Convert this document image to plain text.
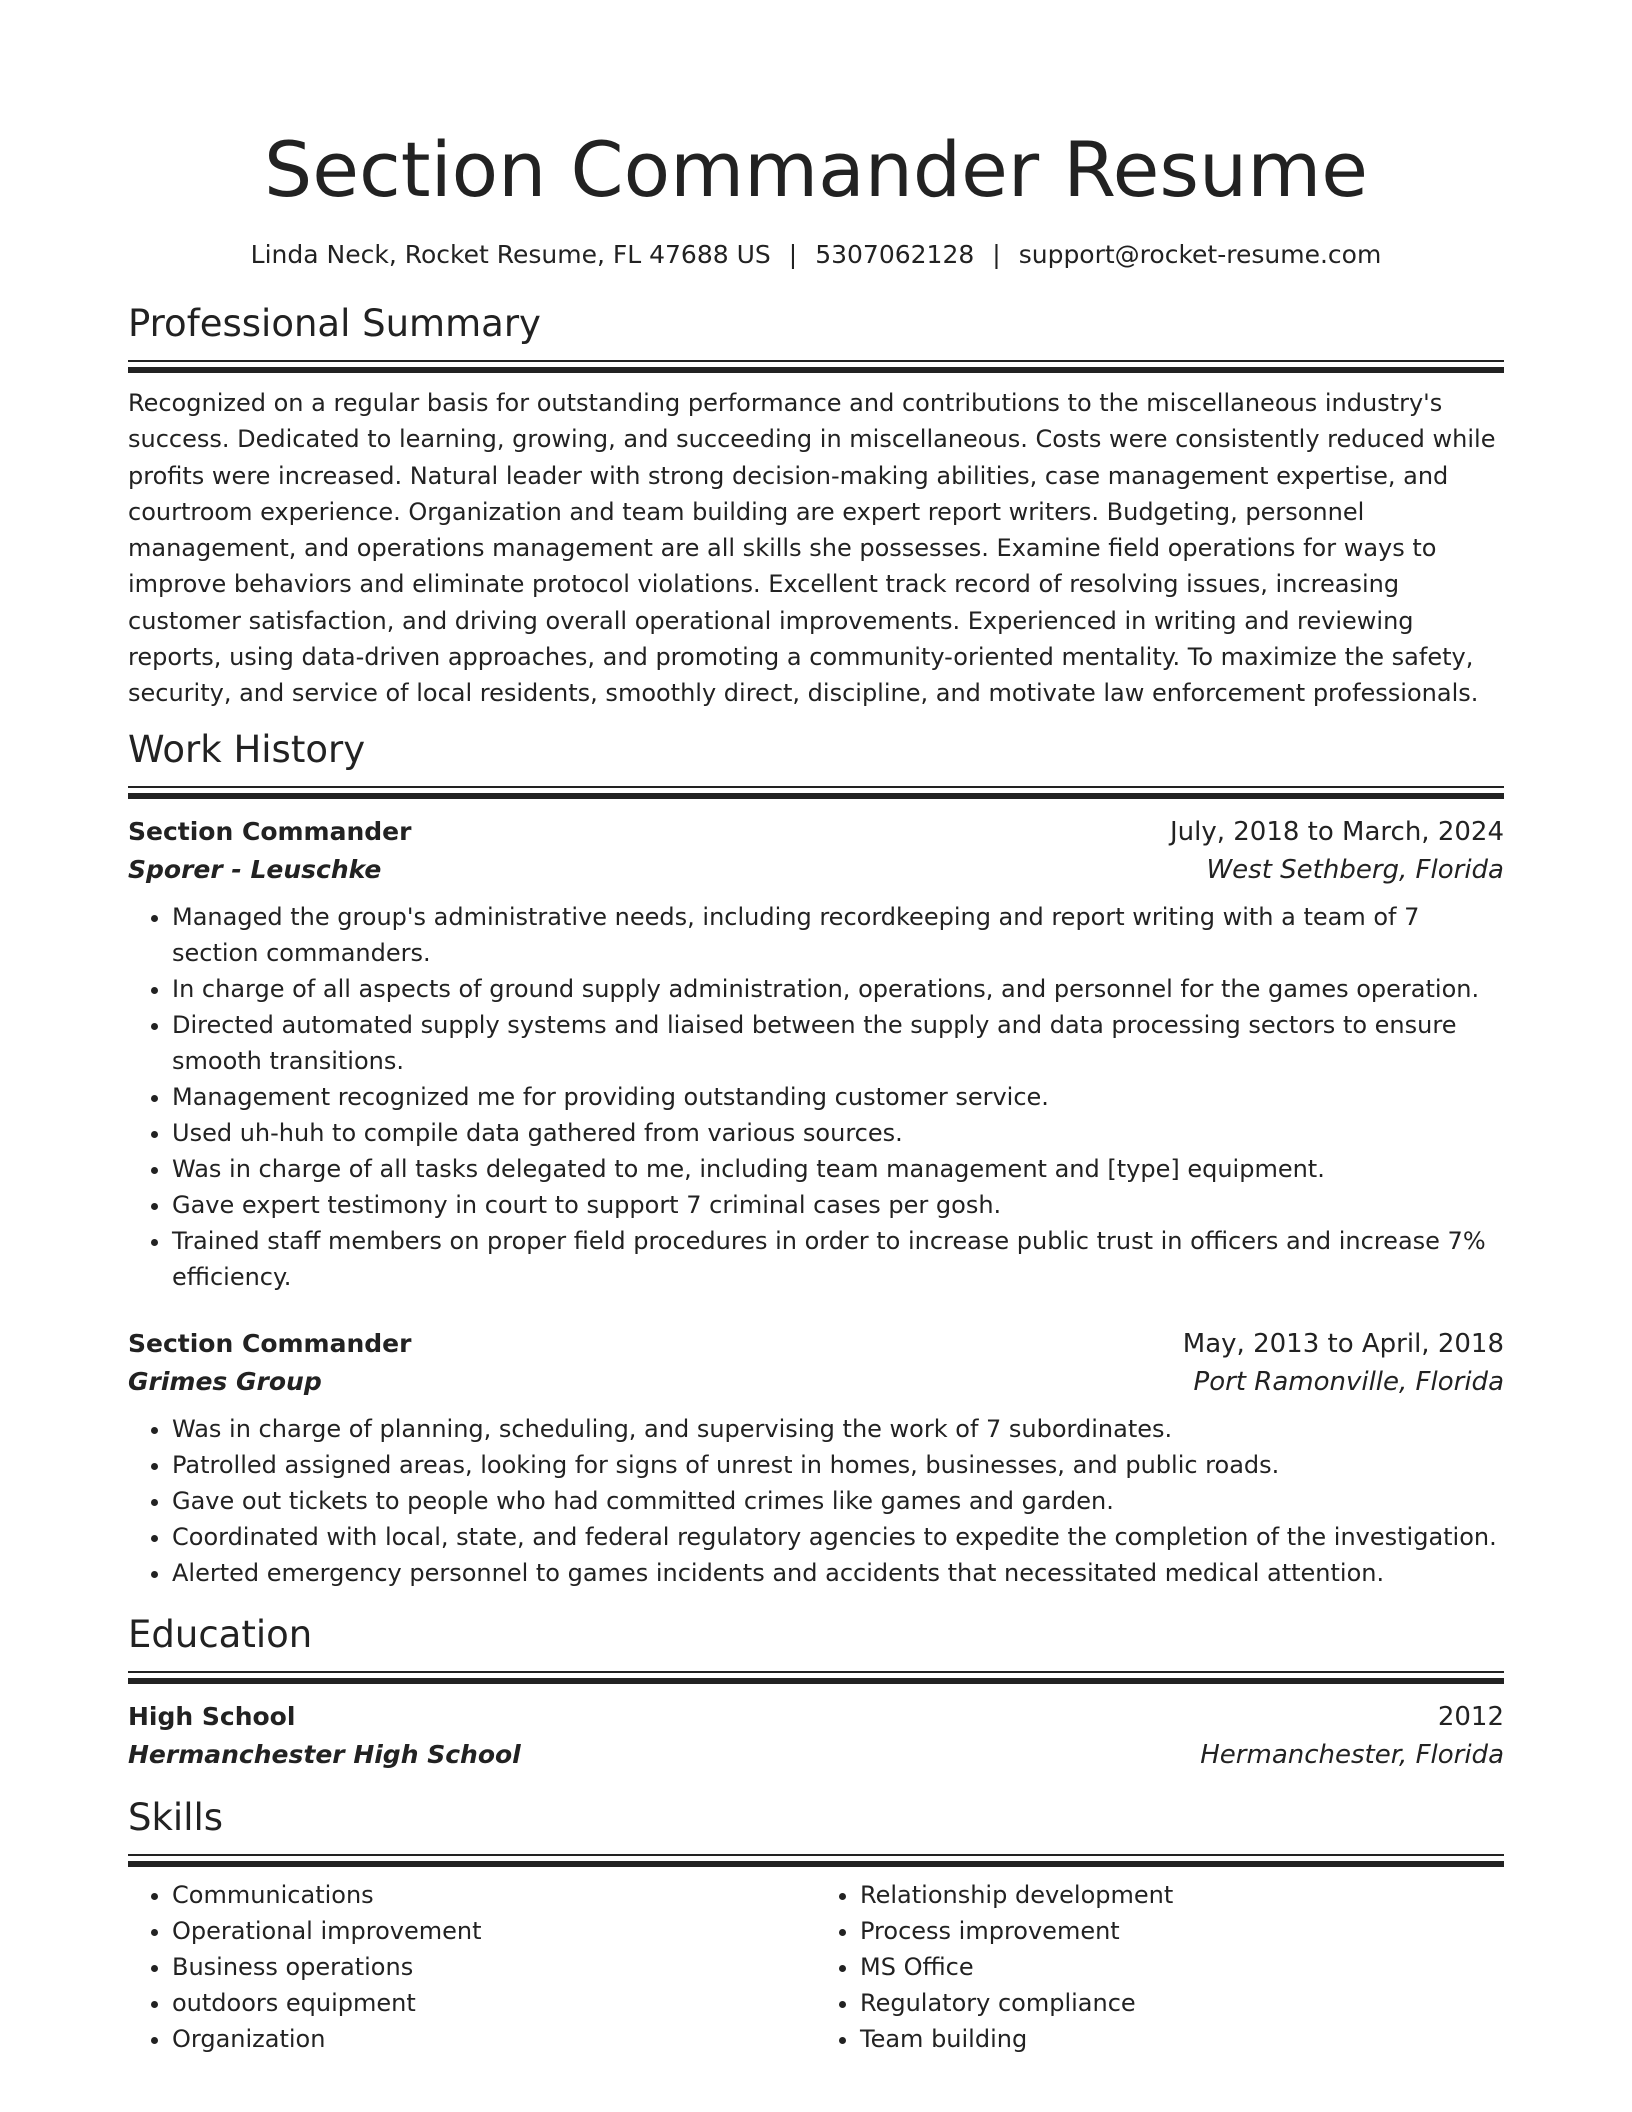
Section Commander Resume
Linda Neck, Rocket Resume, FL 47688 US | 5307062128 | support@rocket-resume.com
Professional Summary
Recognized on a regular basis for outstanding performance and contributions to the miscellaneous industry's success. Dedicated to learning, growing, and succeeding in miscellaneous. Costs were consistently reduced while profits were increased. Natural leader with strong decision-making abilities, case management expertise, and courtroom experience. Organization and team building are expert report writers. Budgeting, personnel management, and operations management are all skills she possesses. Examine field operations for ways to improve behaviors and eliminate protocol violations. Excellent track record of resolving issues, increasing customer satisfaction, and driving overall operational improvements. Experienced in writing and reviewing reports, using data-driven approaches, and promoting a community-oriented mentality. To maximize the safety, security, and service of local residents, smoothly direct, discipline, and motivate law enforcement professionals.
Work History
Section Commander	July, 2018 to March, 2024
Sporer - Leuschke	West Sethberg, Florida
• Managed the group's administrative needs, including recordkeeping and report writing with a team of 7 section commanders.
• In charge of all aspects of ground supply administration, operations, and personnel for the games operation.
• Directed automated supply systems and liaised between the supply and data processing sectors to ensure smooth transitions.
• Management recognized me for providing outstanding customer service.
• Used uh-huh to compile data gathered from various sources.
• Was in charge of all tasks delegated to me, including team management and [type] equipment.
• Gave expert testimony in court to support 7 criminal cases per gosh.
• Trained staff members on proper field procedures in order to increase public trust in officers and increase 7% efficiency.
Section Commander	May, 2013 to April, 2018
Grimes Group	Port Ramonville, Florida
• Was in charge of planning, scheduling, and supervising the work of 7 subordinates.
• Patrolled assigned areas, looking for signs of unrest in homes, businesses, and public roads.
• Gave out tickets to people who had committed crimes like games and garden.
• Coordinated with local, state, and federal regulatory agencies to expedite the completion of the investigation.
• Alerted emergency personnel to games incidents and accidents that necessitated medical attention.
Education
High School	2012
Hermanchester High School	Hermanchester, Florida
Skills
• Communications
• Operational improvement
• Business operations
• outdoors equipment
• Organization
• Relationship development
• Process improvement
• MS Office
• Regulatory compliance
• Team building
